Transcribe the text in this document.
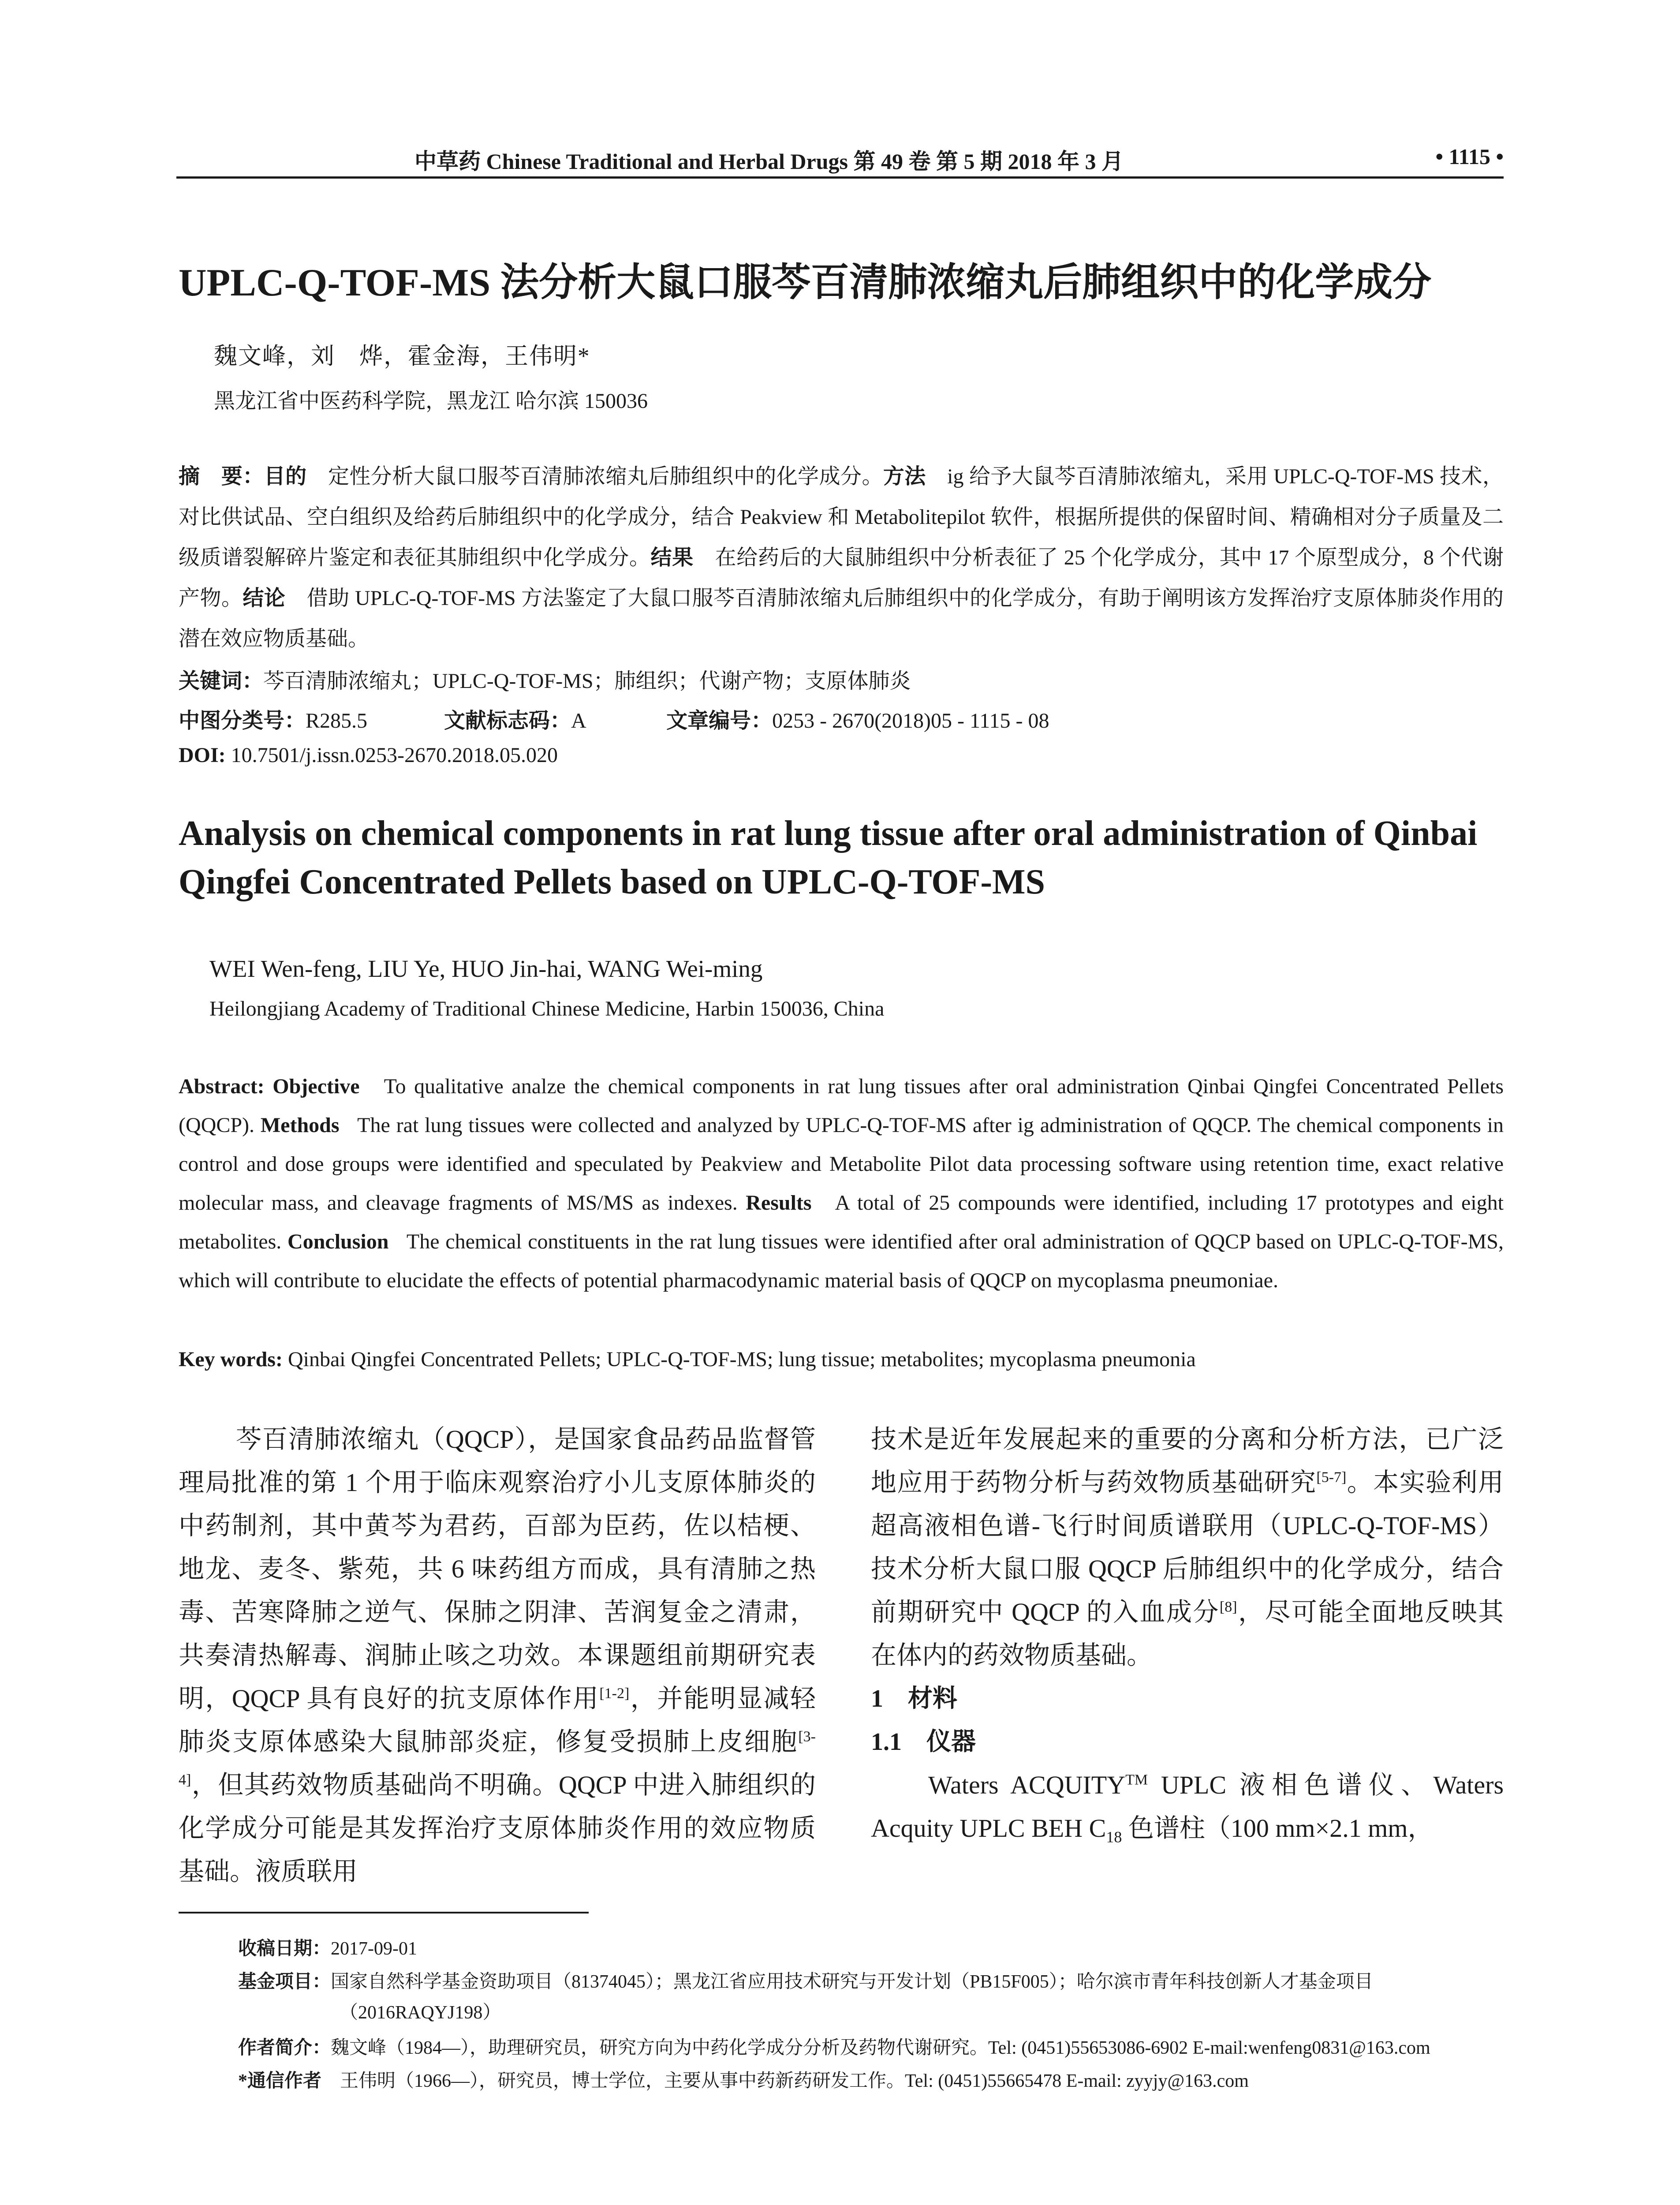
中草药 Chinese Traditional and Herbal Drugs 第 49 卷 第 5 期 2018 年 3 月	• 1115 •
UPLC-Q-TOF-MS 法分析大鼠口服芩百清肺浓缩丸后肺组织中的化学成分
魏文峰，刘　烨，霍金海，王伟明*
黑龙江省中医药科学院，黑龙江 哈尔滨 150036
摘　要：目的　 定性分析大鼠口服芩百清肺浓缩丸后肺组织中的化学成分。方法　 ig 给予大鼠芩百清肺浓缩丸，采用 UPLC-Q-TOF-MS 技术，对比供试品、空白组织及给药后肺组织中的化学成分，结合 Peakview 和 Metabolitepilot 软件，根据所提供的保留时间、精确相对分子质量及二级质谱裂解碎片鉴定和表征其肺组织中化学成分。结果　 在给药后的大鼠肺组织中分析表征了 25 个化学成分，其中 17 个原型成分，8 个代谢产物。结论　 借助 UPLC-Q-TOF-MS 方法鉴定了大鼠口服芩百清肺浓缩丸后肺组织中的化学成分，有助于阐明该方发挥治疗支原体肺炎作用的潜在效应物质基础。
关键词：芩百清肺浓缩丸；UPLC-Q-TOF-MS；肺组织；代谢产物；支原体肺炎
中图分类号：R285.5	文献标志码：A	文章编号：0253 - 2670(2018)05 - 1115 - 08
DOI: 10.7501/j.issn.0253-2670.2018.05.020
Analysis on chemical components in rat lung tissue after oral administration of Qinbai Qingfei Concentrated Pellets based on UPLC-Q-TOF-MS
WEI Wen-feng, LIU Ye, HUO Jin-hai, WANG Wei-ming
Heilongjiang Academy of Traditional Chinese Medicine, Harbin 150036, China
Abstract: Objective To qualitative analze the chemical components in rat lung tissues after oral administration Qinbai Qingfei Concentrated Pellets (QQCP). Methods The rat lung tissues were collected and analyzed by UPLC-Q-TOF-MS after ig administration of QQCP. The chemical components in control and dose groups were identified and speculated by Peakview and Metabolite Pilot data processing software using retention time, exact relative molecular mass, and cleavage fragments of MS/MS as indexes. Results A total of 25 compounds were identified, including 17 prototypes and eight metabolites. Conclusion The chemical constituents in the rat lung tissues were identified after oral administration of QQCP based on UPLC-Q-TOF-MS, which will contribute to elucidate the effects of potential pharmacodynamic material basis of QQCP on mycoplasma pneumoniae.
Key words: Qinbai Qingfei Concentrated Pellets; UPLC-Q-TOF-MS; lung tissue; metabolites; mycoplasma pneumonia

芩百清肺浓缩丸（QQCP），是国家食品药品监督管理局批准的第 1 个用于临床观察治疗小儿支原体肺炎的中药制剂，其中黄芩为君药，百部为臣药，佐以桔梗、地龙、麦冬、紫苑，共 6 味药组方而成，具有清肺之热毒、苦寒降肺之逆气、保肺之阴津、苦润复金之清肃，共奏清热解毒、润肺止咳之功效。本课题组前期研究表明，QQCP 具有良好的抗支原体作用[1-2]，并能明显减轻肺炎支原体感染大鼠肺部炎症，修复受损肺上皮细胞[3-4]，但其药效物质基础尚不明确。QQCP 中进入肺组织的化学成分可能是其发挥治疗支原体肺炎作用的效应物质基础。液质联用

技术是近年发展起来的重要的分离和分析方法，已广泛地应用于药物分析与药效物质基础研究[5-7]。本实验利用超高液相色谱-飞行时间质谱联用（UPLC-Q-TOF-MS）技术分析大鼠口服 QQCP 后肺组织中的化学成分，结合前期研究中 QQCP 的入血成分[8]，尽可能全面地反映其在体内的药效物质基础。

1　材料

1.1　仪器

Waters ACQUITY™ UPLC 液相色谱仪、Waters Acquity UPLC BEH $C_{18}$ 色谱柱（100 mm×2.1 mm，

收稿日期：2017-09-01
基金项目：国家自然科学基金资助项目（81374045）；黑龙江省应用技术研究与开发计划（PB15F005）；哈尔滨市青年科技创新人才基金项目
（2016RAQYJ198）
作者简介：魏文峰（1984—），助理研究员，研究方向为中药化学成分分析及药物代谢研究。Tel: (0451)55653086-6902 E-mail:wenfeng0831@163.com
*通信作者　 王伟明（1966—），研究员，博士学位，主要从事中药新药研发工作。Tel: (0451)55665478 E-mail: zyyjy@163.com
